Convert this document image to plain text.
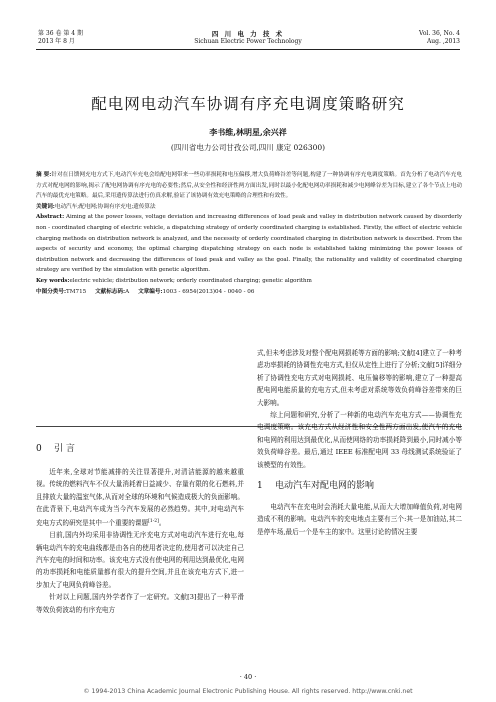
第 36 卷 第 4 期
2013 年 8 月
四 川 电 力 技 术
Sichuan Electric Power Technology
Vol. 36, No. 4
Aug. ,2013
配电网电动汽车协调有序充电调度策略研究
李书维,林明星,余兴祥
(四川省电力公司甘孜公司,四川 康定 026300)

摘 要:针对在日馈网充电方式下,电动汽车充电会给配电网带来一些功率损耗和电压偏移,增大负荷峰谷差等问题,构建了一种协调有序充电调度策略。首先分析了电动汽车充电方式对配电网的影响,揭示了配电网协调有序充电的必要性;然后,从安全性和经济性两方面出发,同时以最小化配电网功率损耗和减少电网峰谷差为目标,建立了各个节点上电动汽车的最优充电策略。最后,采用遗传算法进行仿真求解,验证了该协调有效充电策略的合理性和有效性。

关键词:电动汽车;配电网;协调有序充电;遗传算法

Abstract: Aiming at the power losses, voltage deviation and increasing differences of load peak and valley in distribution network caused by disorderly non - coordinated charging of electric vehicle, a dispatching strategy of orderly coordinated charging is established. Firstly, the effect of electric vehicle charging methods on distribution network is analyzed, and the necessity of orderly coordinated charging in distribution network is described. From the aspects of security and economy, the optimal charging dispatching strategy on each node is established taking minimizing the power losses of distribution network and decreasing the differences of load peak and valley as the goal. Finally, the rationality and validity of coordinated charging strategy are verified by the simulation with genetic algorithm.

Key words:electric vehicle; distribution network; orderly coordinated charging; genetic algorithm

中图分类号:TM715 文献标志码:A 文章编号:1003 - 6954(2013)04 - 0040 - 06

0 引 言

近年来,全球对节能减排的关注显著提升,对清洁能源的越来越重视。传统的燃料汽车不仅大量消耗着日益减少、存量有限的化石燃料,并且排放大量的温室气体,从而对全球的环境和气候造成极大的负面影响。在此背景下,电动汽车成为当今汽车发展的必然趋势。其中,对电动汽车充电方式的研究是其中一个重要的课题[1-2]。

目前,国内外均采用非协调性无序充电方式对电动汽车进行充电,每辆电动汽车的充电曲线都是由各自的使用者决定的,使用者可以决定自己汽车充电的时间和功率。该充电方式没有使电网的利用达到最优化,电网的功率损耗和电能质量都有很大的提升空间,并且在该充电方式下,进一步加大了电网负荷峰谷差。

针对以上问题,国内外学者作了一定研究。文献[3]提出了一种平滑等效负荷波动的有序充电方

式,但未考虑涉及对整个配电网损耗等方面的影响;文献[4]建立了一种考虑功率损耗的协调性充电方式,但仅从定性上进行了分析;文献[5]详细分析了协调性充电方式对电网损耗、电压偏移等的影响,建立了一种提高配电网电能质量的充电方式,但未考虑对系统等效负荷峰谷差带来的巨大影响。

综上问题和研究,分析了一种新的电动汽车充电方式——协调性充电调度策略。该充电方式从经济性和安全性两方面出发,使汽车的充电和电网的利用达到最优化,从而使网络的功率损耗降到最小,同时减小等效负荷峰谷差。最后,通过 IEEE 标准配电网 33 母线测试系统验证了该模型的有效性。

1 电动汽车对配电网的影响

电动汽车在充电时会消耗大量电能,从而大大增加峰值负荷,对电网造成不利的影响。电动汽车的充电地点主要有三个:其一是加油站,其二是停车场,最后一个是车主的家中。这里讨论的情况主要

· 40 ·
© 1994-2013 China Academic Journal Electronic Publishing House. All rights reserved. http://www.cnki.net
